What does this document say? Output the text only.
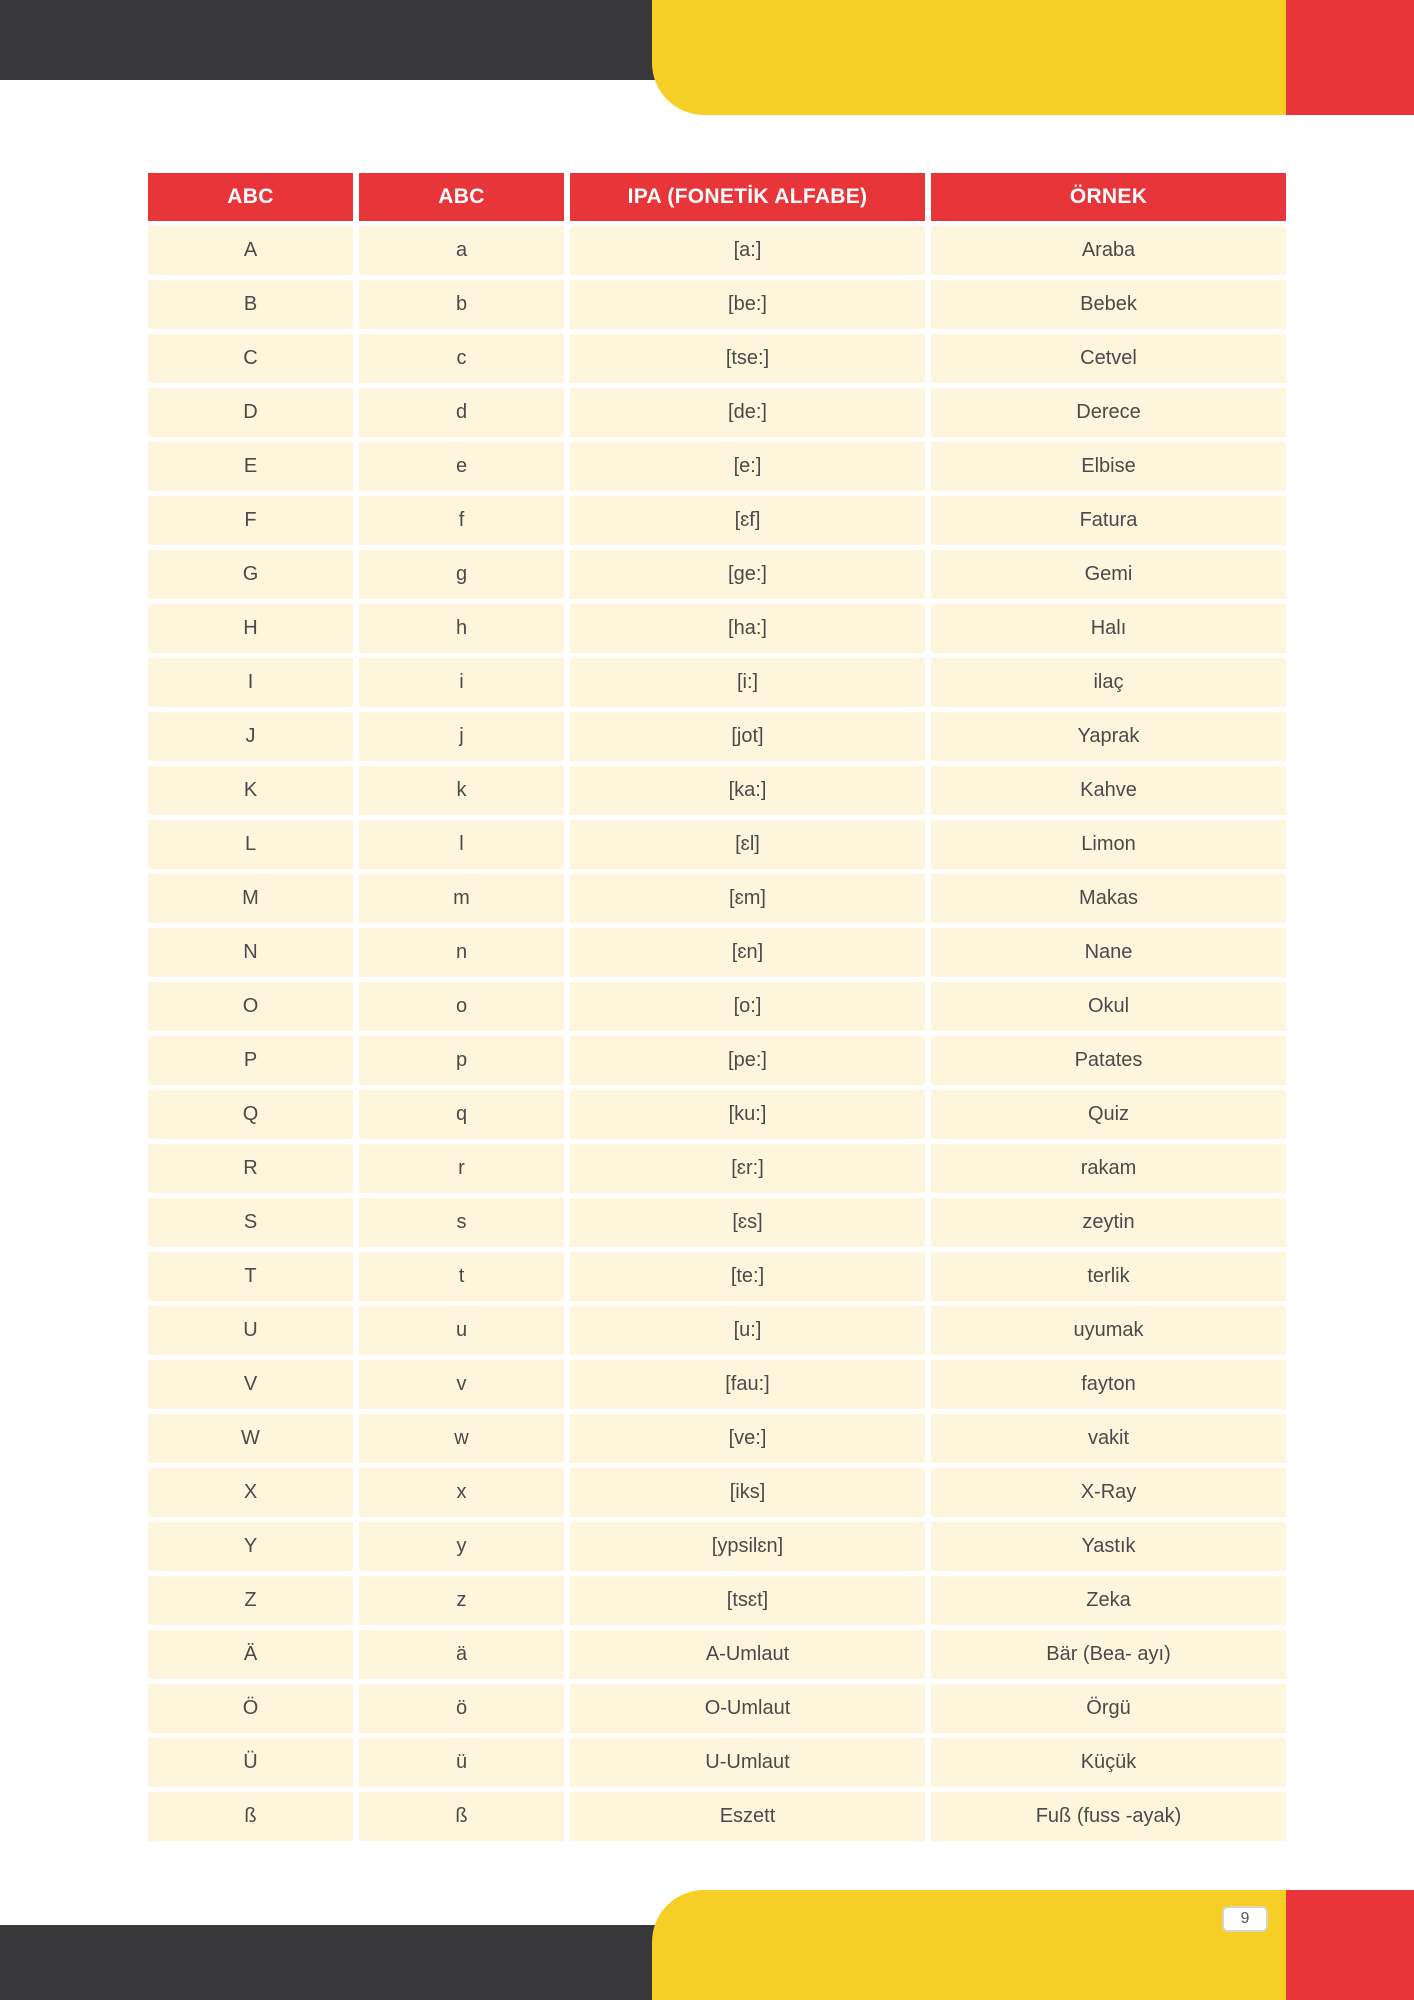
ABC	ABC	IPA (FONETİK ALFABE)	ÖRNEK
A	a	[a:]	Araba
B	b	[be:]	Bebek
C	c	[tse:]	Cetvel
D	d	[de:]	Derece
E	e	[e:]	Elbise
F	f	[ɛf]	Fatura
G	g	[ge:]	Gemi
H	h	[ha:]	Halı
I	i	[i:]	ilaç
J	j	[jot]	Yaprak
K	k	[ka:]	Kahve
L	l	[ɛl]	Limon
M	m	[ɛm]	Makas
N	n	[ɛn]	Nane
O	o	[o:]	Okul
P	p	[pe:]	Patates
Q	q	[ku:]	Quiz
R	r	[ɛr:]	rakam
S	s	[ɛs]	zeytin
T	t	[te:]	terlik
U	u	[u:]	uyumak
V	v	[fau:]	fayton
W	w	[ve:]	vakit
X	x	[iks]	X-Ray
Y	y	[ypsilɛn]	Yastık
Z	z	[tsɛt]	Zeka
Ä	ä	A-Umlaut	Bär (Bea- ayı)
Ö	ö	O-Umlaut	Örgü
Ü	ü	U-Umlaut	Küçük
ß	ß	Eszett	Fuß (fuss -ayak)
9
